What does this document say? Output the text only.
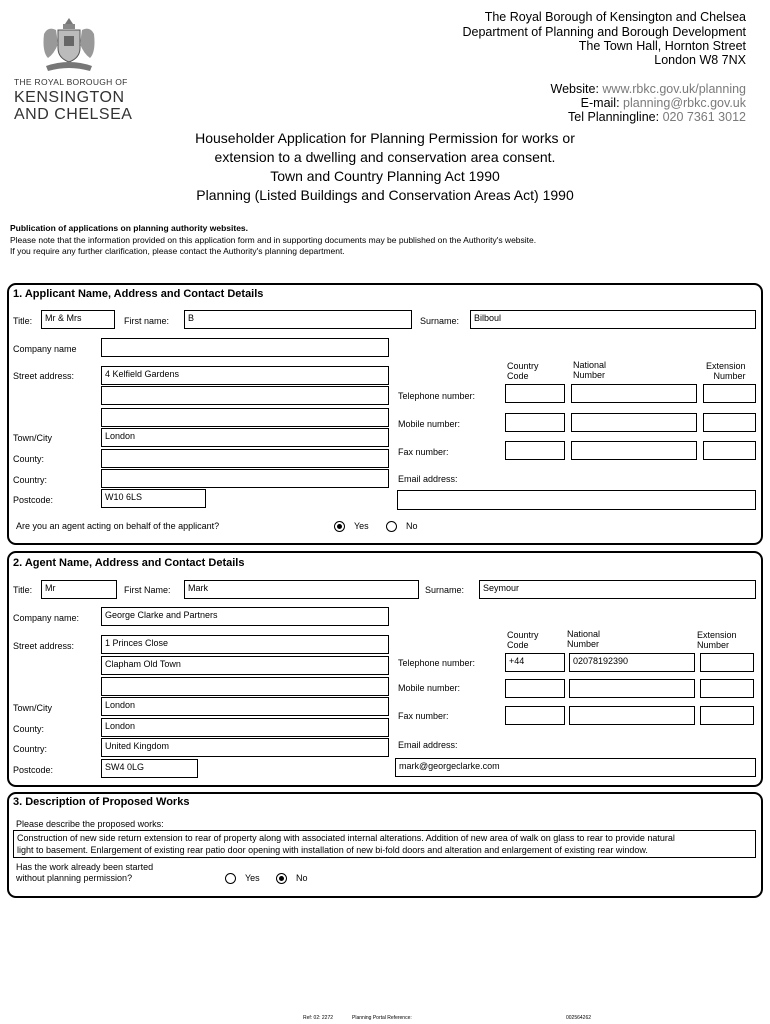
THE ROYAL BOROUGH OF
KENSINGTON
AND CHELSEA
The Royal Borough of Kensington and Chelsea
Department of Planning and Borough Development
The Town Hall, Hornton Street
London W8 7NX
Website: www.rbkc.gov.uk/planning
E-mail: planning@rbkc.gov.uk
Tel Planningline: 020 7361 3012
Householder Application for Planning Permission for works or
extension to a dwelling and conservation area consent.
Town and Country Planning Act 1990
Planning (Listed Buildings and Conservation Areas Act) 1990
Publication of applications on planning authority websites.
Please note that the information provided on this application form and in supporting documents may be published on the Authority's website.
If you require any further clarification, please contact the Authority's planning department.
1. Applicant Name, Address and Contact Details
Title:	Mr & Mrs	First name:	B	Surname:	Bilboul
Company name
Street address:	4 Kelfield Gardens
Town/City	London
County:
Country:
Postcode:	W10 6LS
Country
Code
National
Number
Extension
Number
Telephone number:
Mobile number:
Fax number:
Email address:
Are you an agent acting on behalf of the applicant?	Yes	No
2. Agent Name, Address and Contact Details
Title:	Mr	First Name:	Mark	Surname:	Seymour
Company name:	George Clarke and Partners
Street address:	1 Princes Close
Clapham Old Town
Town/City	London
County:	London
Country:	United Kingdom
Postcode:	SW4 0LG
Country
Code
National
Number
Extension
Number
Telephone number:	+44	02078192390
Mobile number:
Fax number:
Email address:
mark@georgeclarke.com
3. Description of Proposed Works
Please describe the proposed works:
Construction of new side return extension to rear of property along with associated internal alterations. Addition of new area of walk on glass to rear to provide natural
light to basement. Enlargement of existing rear patio door opening with installation of new bi-fold doors and alteration and enlargement of existing rear window.
Has the work already been started
without planning permission?	Yes	No
Ref: 02: 2272	Planning Portal Reference:	002564262
